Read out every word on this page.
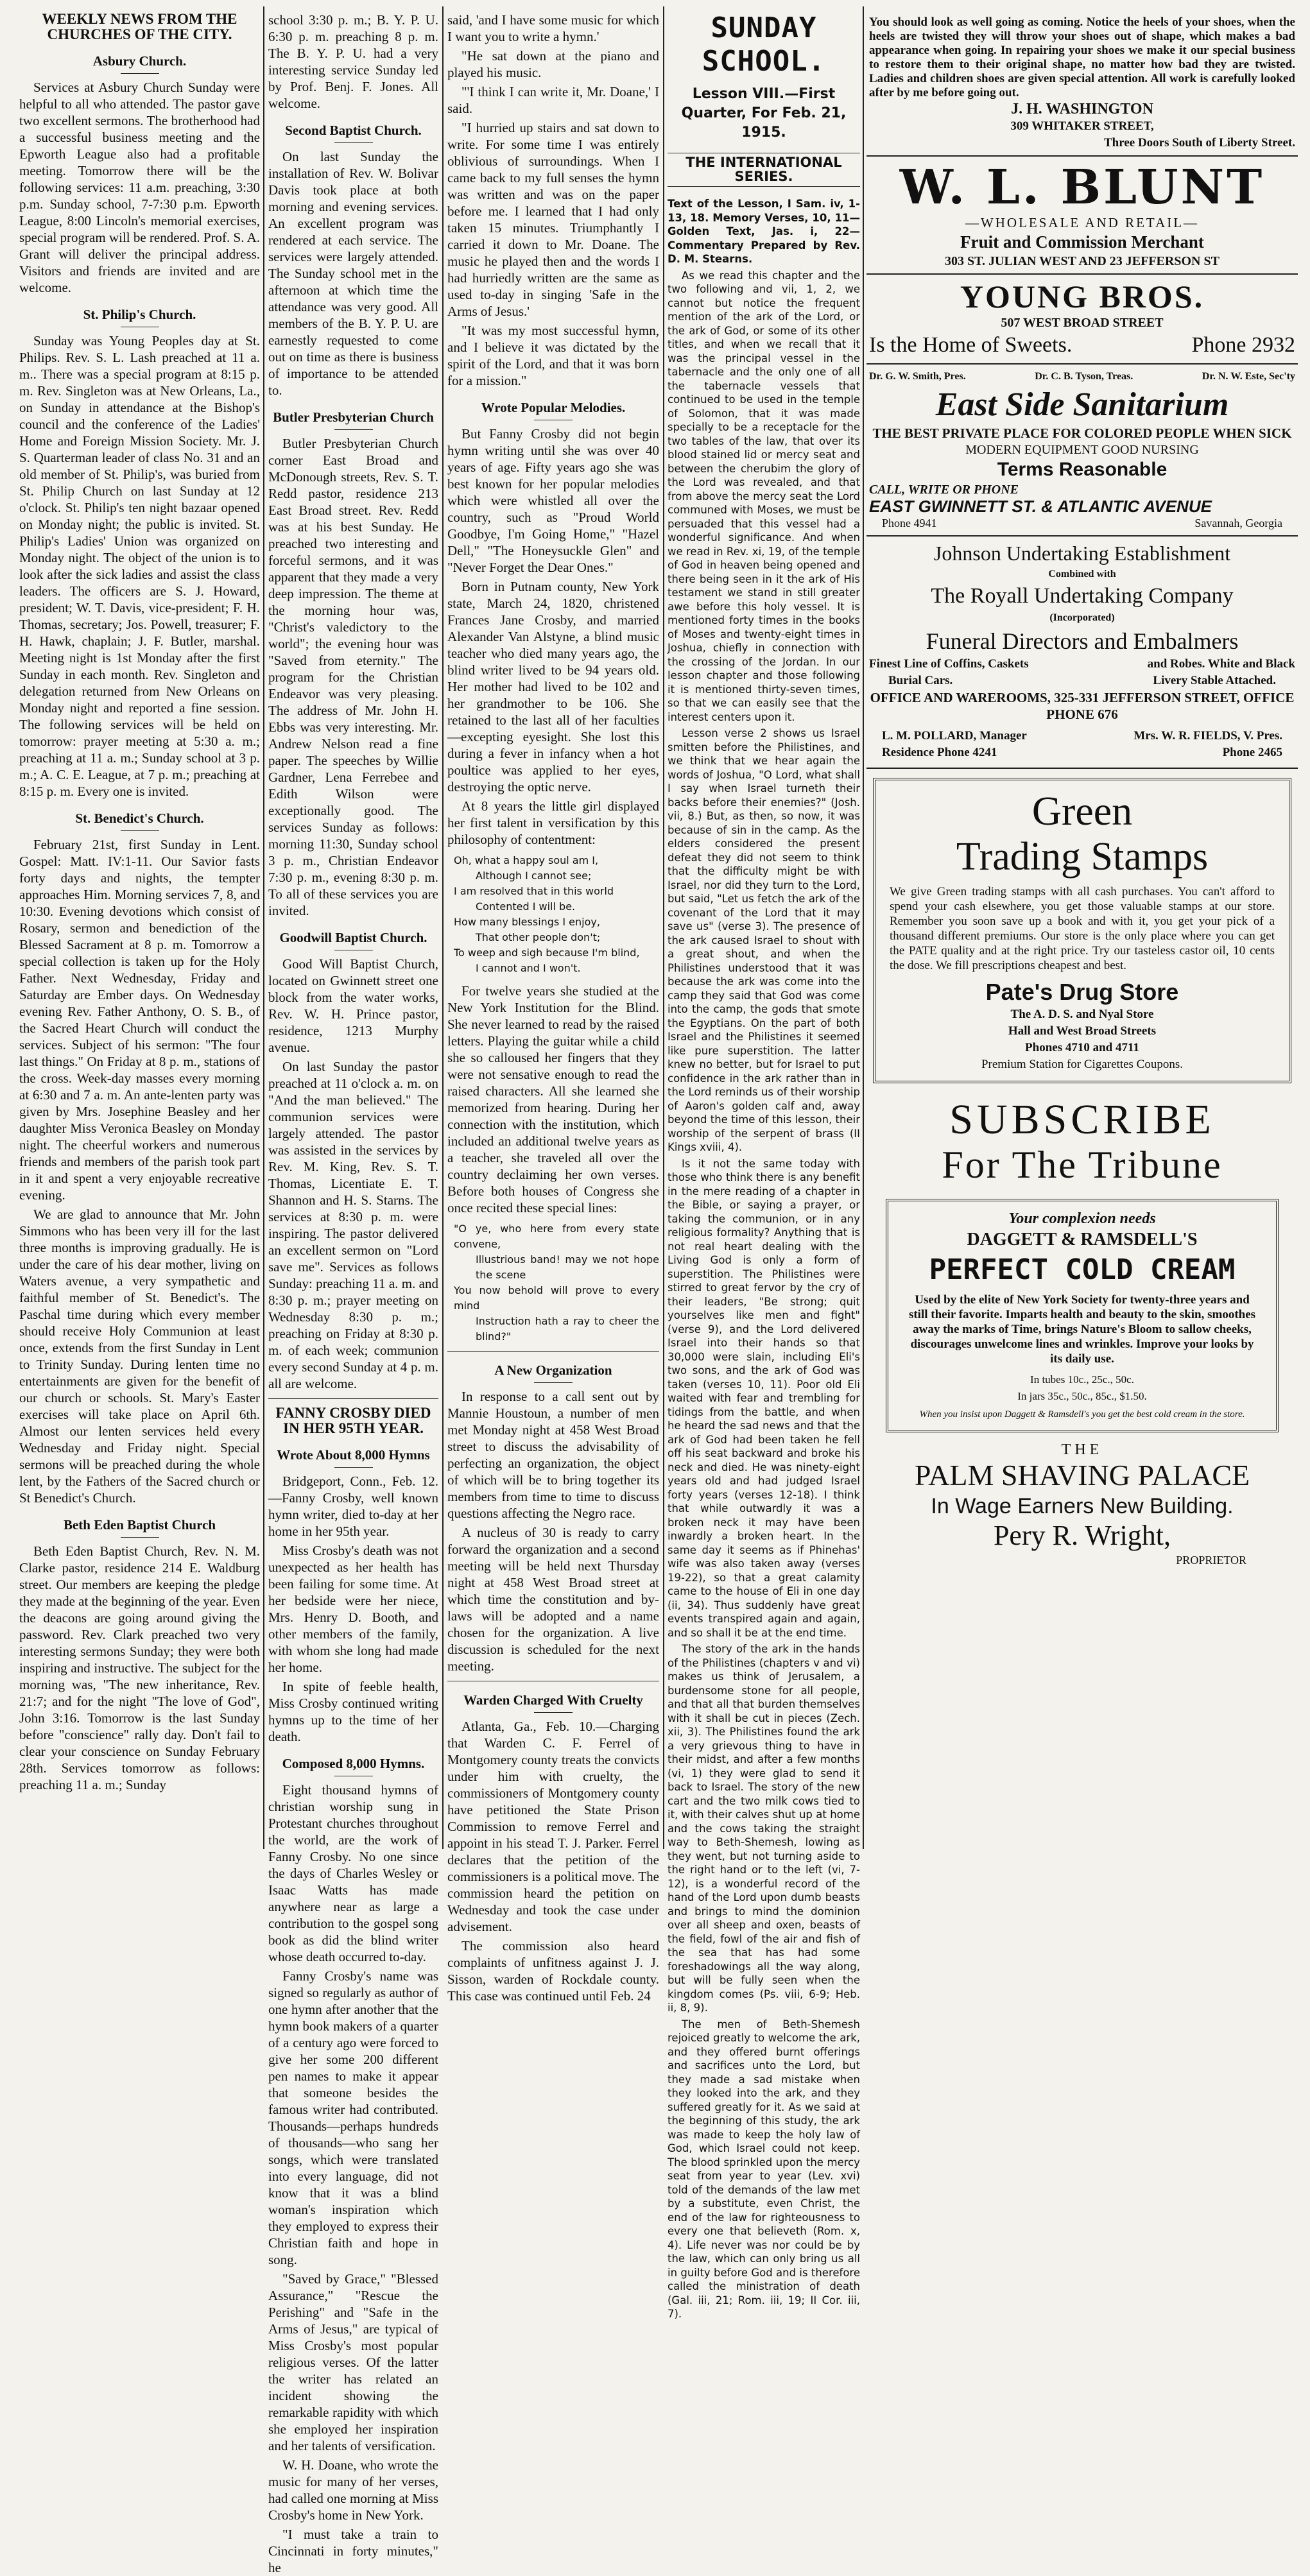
WEEKLY NEWS FROM THE CHURCHES OF THE CITY.
Asbury Church.

Services at Asbury Church Sunday were helpful to all who attended. The pastor gave two excellent sermons. The brotherhood had a successful business meeting and the Epworth League also had a profitable meeting. Tomorrow there will be the following services: 11 a.m. preaching, 3:30 p.m. Sunday school, 7-7:30 p.m. Epworth League, 8:00 Lincoln's memorial exercises, special program will be rendered. Prof. S. A. Grant will deliver the principal address. Visitors and friends are invited and are welcome.

St. Philip's Church.

Sunday was Young Peoples day at St. Philips. Rev. S. L. Lash preached at 11 a. m.. There was a special program at 8:15 p. m. Rev. Singleton was at New Orleans, La., on Sunday in attendance at the Bishop's council and the conference of the Ladies' Home and Foreign Mission Society. Mr. J. S. Quarterman leader of class No. 31 and an old member of St. Philip's, was buried from St. Philip Church on last Sunday at 12 o'clock. St. Philip's ten night bazaar opened on Monday night; the public is invited. St. Philip's Ladies' Union was organized on Monday night. The object of the union is to look after the sick ladies and assist the class leaders. The officers are S. J. Howard, president; W. T. Davis, vice-president; F. H. Thomas, secretary; Jos. Powell, treasurer; F. H. Hawk, chaplain; J. F. Butler, marshal. Meeting night is 1st Monday after the first Sunday in each month. Rev. Singleton and delegation returned from New Orleans on Monday night and reported a fine session. The following services will be held on tomorrow: prayer meeting at 5:30 a. m.; preaching at 11 a. m.; Sunday school at 3 p. m.; A. C. E. League, at 7 p. m.; preaching at 8:15 p. m. Every one is invited.

St. Benedict's Church.

February 21st, first Sunday in Lent. Gospel: Matt. IV:1-11. Our Savior fasts forty days and nights, the tempter approaches Him. Morning services 7, 8, and 10:30. Evening devotions which consist of Rosary, sermon and benediction of the Blessed Sacrament at 8 p. m. Tomorrow a special collection is taken up for the Holy Father. Next Wednesday, Friday and Saturday are Ember days. On Wednesday evening Rev. Father Anthony, O. S. B., of the Sacred Heart Church will conduct the services. Subject of his sermon: "The four last things." On Friday at 8 p. m., stations of the cross. Week-day masses every morning at 6:30 and 7 a. m. An ante-lenten party was given by Mrs. Josephine Beasley and her daughter Miss Veronica Beasley on Monday night. The cheerful workers and numerous friends and members of the parish took part in it and spent a very enjoyable recreative evening.

We are glad to announce that Mr. John Simmons who has been very ill for the last three months is improving gradually. He is under the care of his dear mother, living on Waters avenue, a very sympathetic and faithful member of St. Benedict's. The Paschal time during which every member should receive Holy Communion at least once, extends from the first Sunday in Lent to Trinity Sunday. During lenten time no entertainments are given for the benefit of our church or schools. St. Mary's Easter exercises will take place on April 6th. Almost our lenten services held every Wednesday and Friday night. Special sermons will be preached during the whole lent, by the Fathers of the Sacred church or St Benedict's Church.

Beth Eden Baptist Church

Beth Eden Baptist Church, Rev. N. M. Clarke pastor, residence 214 E. Waldburg street. Our members are keeping the pledge they made at the beginning of the year. Even the deacons are going around giving the password. Rev. Clark preached two very interesting sermons Sunday; they were both inspiring and instructive. The subject for the morning was, "The new inheritance, Rev. 21:7; and for the night "The love of God", John 3:16. Tomorrow is the last Sunday before "conscience" rally day. Don't fail to clear your conscience on Sunday February 28th. Services tomorrow as follows: preaching 11 a. m.; Sunday

school 3:30 p. m.; B. Y. P. U. 6:30 p. m. preaching 8 p. m. The B. Y. P. U. had a very interesting service Sunday led by Prof. Benj. F. Jones. All welcome.

Second Baptist Church.

On last Sunday the installation of Rev. W. Bolivar Davis took place at both morning and evening services. An excellent program was rendered at each service. The services were largely attended. The Sunday school met in the afternoon at which time the attendance was very good. All members of the B. Y. P. U. are earnestly requested to come out on time as there is business of importance to be attended to.

Butler Presbyterian Church

Butler Presbyterian Church corner East Broad and McDonough streets, Rev. S. T. Redd pastor, residence 213 East Broad street. Rev. Redd was at his best Sunday. He preached two interesting and forceful sermons, and it was apparent that they made a very deep impression. The theme at the morning hour was, "Christ's valedictory to the world"; the evening hour was "Saved from eternity." The program for the Christian Endeavor was very pleasing. The address of Mr. John H. Ebbs was very interesting. Mr. Andrew Nelson read a fine paper. The speeches by Willie Gardner, Lena Ferrebee and Edith Wilson were exceptionally good. The services Sunday as follows: morning 11:30, Sunday school 3 p. m., Christian Endeavor 7:30 p. m., evening 8:30 p. m. To all of these services you are invited.

Goodwill Baptist Church.

Good Will Baptist Church, located on Gwinnett street one block from the water works, Rev. W. H. Prince pastor, residence, 1213 Murphy avenue.

On last Sunday the pastor preached at 11 o'clock a. m. on "And the man believed." The communion services were largely attended. The pastor was assisted in the services by Rev. M. King, Rev. S. T. Thomas, Licentiate E. T. Shannon and H. S. Starns. The services at 8:30 p. m. were inspiring. The pastor delivered an excellent sermon on "Lord save me". Services as follows Sunday: preaching 11 a. m. and 8:30 p. m.; prayer meeting on Wednesday 8:30 p. m.; preaching on Friday at 8:30 p. m. of each week; communion every second Sunday at 4 p. m. all are welcome.

FANNY CROSBY DIED IN HER 95TH YEAR.
Wrote About 8,000 Hymns

Bridgeport, Conn., Feb. 12.—Fanny Crosby, well known hymn writer, died to-day at her home in her 95th year.

Miss Crosby's death was not unexpected as her health has been failing for some time. At her bedside were her niece, Mrs. Henry D. Booth, and other members of the family, with whom she long had made her home.

In spite of feeble health, Miss Crosby continued writing hymns up to the time of her death.

Composed 8,000 Hymns.

Eight thousand hymns of christian worship sung in Protestant churches throughout the world, are the work of Fanny Crosby. No one since the days of Charles Wesley or Isaac Watts has made anywhere near as large a contribution to the gospel song book as did the blind writer whose death occurred to-day.

Fanny Crosby's name was signed so regularly as author of one hymn after another that the hymn book makers of a quarter of a century ago were forced to give her some 200 different pen names to make it appear that someone besides the famous writer had contributed. Thousands—perhaps hundreds of thousands—who sang her songs, which were translated into every language, did not know that it was a blind woman's inspiration which they employed to express their Christian faith and hope in song.

"Saved by Grace," "Blessed Assurance," "Rescue the Perishing" and "Safe in the Arms of Jesus," are typical of Miss Crosby's most popular religious verses. Of the latter the writer has related an incident showing the remarkable rapidity with which she employed her inspiration and her talents of versification.

W. H. Doane, who wrote the music for many of her verses, had called one morning at Miss Crosby's home in New York.

"I must take a train to Cincinnati in forty minutes," he

said, 'and I have some music for which I want you to write a hymn.'

"He sat down at the piano and played his music.

"'I think I can write it, Mr. Doane,' I said.

"I hurried up stairs and sat down to write. For some time I was entirely oblivious of surroundings. When I came back to my full senses the hymn was written and was on the paper before me. I learned that I had only taken 15 minutes. Triumphantly I carried it down to Mr. Doane. The music he played then and the words I had hurriedly written are the same as used to-day in singing 'Safe in the Arms of Jesus.'

"It was my most successful hymn, and I believe it was dictated by the spirit of the Lord, and that it was born for a mission."

Wrote Popular Melodies.

But Fanny Crosby did not begin hymn writing until she was over 40 years of age. Fifty years ago she was best known for her popular melodies which were whistled all over the country, such as "Proud World Goodbye, I'm Going Home," "Hazel Dell," "The Honeysuckle Glen" and "Never Forget the Dear Ones."

Born in Putnam county, New York state, March 24, 1820, christened Frances Jane Crosby, and married Alexander Van Alstyne, a blind music teacher who died many years ago, the blind writer lived to be 94 years old. Her mother had lived to be 102 and her grandmother to be 106. She retained to the last all of her faculties—excepting eyesight. She lost this during a fever in infancy when a hot poultice was applied to her eyes, destroying the optic nerve.

At 8 years the little girl displayed her first talent in versification by this philosophy of contentment:

Oh, what a happy soul am I,
Although I cannot see;
I am resolved that in this world
Contented I will be.
How many blessings I enjoy,
That other people don't;
To weep and sigh because I'm blind,
I cannot and I won't.

For twelve years she studied at the New York Institution for the Blind. She never learned to read by the raised letters. Playing the guitar while a child she so calloused her fingers that they were not sensative enough to read the raised characters. All she learned she memorized from hearing. During her connection with the institution, which included an additional twelve years as a teacher, she traveled all over the country declaiming her own verses. Before both houses of Congress she once recited these special lines:

"O ye, who here from every state convene,
Illustrious band! may we not hope the scene
You now behold will prove to every mind
Instruction hath a ray to cheer the blind?"
A New Organization

In response to a call sent out by Mannie Houstoun, a number of men met Monday night at 458 West Broad street to discuss the advisability of perfecting an organization, the object of which will be to bring together its members from time to time to discuss questions affecting the Negro race.

A nucleus of 30 is ready to carry forward the organization and a second meeting will be held next Thursday night at 458 West Broad street at which time the constitution and by-laws will be adopted and a name chosen for the organization. A live discussion is scheduled for the next meeting.

Warden Charged With Cruelty

Atlanta, Ga., Feb. 10.—Charging that Warden C. F. Ferrel of Montgomery county treats the convicts under him with cruelty, the commissioners of Montgomery county have petitioned the State Prison Commission to remove Ferrel and appoint in his stead T. J. Parker. Ferrel declares that the petition of the commissioners is a political move. The commission heard the petition on Wednesday and took the case under advisement.

The commission also heard complaints of unfitness against J. J. Sisson, warden of Rockdale county. This case was continued until Feb. 24

SUNDAY SCHOOL.
Lesson VIII.—First Quarter, For Feb. 21, 1915.
THE INTERNATIONAL SERIES.

Text of the Lesson, I Sam. iv, 1-13, 18. Memory Verses, 10, 11—Golden Text, Jas. i, 22—Commentary Prepared by Rev. D. M. Stearns.

As we read this chapter and the two following and vii, 1, 2, we cannot but notice the frequent mention of the ark of the Lord, or the ark of God, or some of its other titles, and when we recall that it was the principal vessel in the tabernacle and the only one of all the tabernacle vessels that continued to be used in the temple of Solomon, that it was made specially to be a receptacle for the two tables of the law, that over its blood stained lid or mercy seat and between the cherubim the glory of the Lord was revealed, and that from above the mercy seat the Lord communed with Moses, we must be persuaded that this vessel had a wonderful significance. And when we read in Rev. xi, 19, of the temple of God in heaven being opened and there being seen in it the ark of His testament we stand in still greater awe before this holy vessel. It is mentioned forty times in the books of Moses and twenty-eight times in Joshua, chiefly in connection with the crossing of the Jordan. In our lesson chapter and those following it is mentioned thirty-seven times, so that we can easily see that the interest centers upon it.

Lesson verse 2 shows us Israel smitten before the Philistines, and we think that we hear again the words of Joshua, "O Lord, what shall I say when Israel turneth their backs before their enemies?" (Josh. vii, 8.) But, as then, so now, it was because of sin in the camp. As the elders considered the present defeat they did not seem to think that the difficulty might be with Israel, nor did they turn to the Lord, but said, "Let us fetch the ark of the covenant of the Lord that it may save us" (verse 3). The presence of the ark caused Israel to shout with a great shout, and when the Philistines understood that it was because the ark was come into the camp they said that God was come into the camp, the gods that smote the Egyptians. On the part of both Israel and the Philistines it seemed like pure superstition. The latter knew no better, but for Israel to put confidence in the ark rather than in the Lord reminds us of their worship of Aaron's golden calf and, away beyond the time of this lesson, their worship of the serpent of brass (II Kings xviii, 4).

Is it not the same today with those who think there is any benefit in the mere reading of a chapter in the Bible, or saying a prayer, or taking the communion, or in any religious formality? Anything that is not real heart dealing with the Living God is only a form of superstition. The Philistines were stirred to great fervor by the cry of their leaders, "Be strong; quit yourselves like men and fight" (verse 9), and the Lord delivered Israel into their hands so that 30,000 were slain, including Eli's two sons, and the ark of God was taken (verses 10, 11). Poor old Eli waited with fear and trembling for tidings from the battle, and when he heard the sad news and that the ark of God had been taken he fell off his seat backward and broke his neck and died. He was ninety-eight years old and had judged Israel forty years (verses 12-18). I think that while outwardly it was a broken neck it may have been inwardly a broken heart. In the same day it seems as if Phinehas' wife was also taken away (verses 19-22), so that a great calamity came to the house of Eli in one day (ii, 34). Thus suddenly have great events transpired again and again, and so shall it be at the end time.

The story of the ark in the hands of the Philistines (chapters v and vi) makes us think of Jerusalem, a burdensome stone for all people, and that all that burden themselves with it shall be cut in pieces (Zech. xii, 3). The Philistines found the ark a very grievous thing to have in their midst, and after a few months (vi, 1) they were glad to send it back to Israel. The story of the new cart and the two milk cows tied to it, with their calves shut up at home and the cows taking the straight way to Beth-Shemesh, lowing as they went, but not turning aside to the right hand or to the left (vi, 7-12), is a wonderful record of the hand of the Lord upon dumb beasts and brings to mind the dominion over all sheep and oxen, beasts of the field, fowl of the air and fish of the sea that has had some foreshadowings all the way along, but will be fully seen when the kingdom comes (Ps. viii, 6-9; Heb. ii, 8, 9).

The men of Beth-Shemesh rejoiced greatly to welcome the ark, and they offered burnt offerings and sacrifices unto the Lord, but they made a sad mistake when they looked into the ark, and they suffered greatly for it. As we said at the beginning of this study, the ark was made to keep the holy law of God, which Israel could not keep. The blood sprinkled upon the mercy seat from year to year (Lev. xvi) told of the demands of the law met by a substitute, even Christ, the end of the law for righteousness to every one that believeth (Rom. x, 4). Life never was nor could be by the law, which can only bring us all in guilty before God and is therefore called the ministration of death (Gal. iii, 21; Rom. iii, 19; II Cor. iii, 7).

You should look as well going as coming. Notice the heels of your shoes, when the heels are twisted they will throw your shoes out of shape, which makes a bad appearance when going. In repairing your shoes we make it our special business to restore them to their original shape, no matter how bad they are twisted. Ladies and children shoes are given special attention. All work is carefully looked after by me before going out.
J. H. WASHINGTON
309 WHITAKER STREET,
Three Doors South of Liberty Street.
W. L. BLUNT
—WHOLESALE AND RETAIL—
Fruit and Commission Merchant
303 ST. JULIAN WEST AND 23 JEFFERSON ST
YOUNG BROS.
507 WEST BROAD STREET
Is the Home of Sweets.	Phone 2932
Dr. G. W. Smith, Pres.	Dr. C. B. Tyson, Treas.	Dr. N. W. Este, Sec'ty
East Side Sanitarium
THE BEST PRIVATE PLACE FOR COLORED PEOPLE WHEN SICK
MODERN EQUIPMENT GOOD NURSING
Terms Reasonable
CALL, WRITE OR PHONE
EAST GWINNETT ST. & ATLANTIC AVENUE
Phone 4941	Savannah, Georgia
Johnson Undertaking Establishment
Combined with
The Royall Undertaking Company
(Incorporated)
Funeral Directors and Embalmers
Finest Line of Coffins, Caskets	and Robes. White and Black
Burial Cars.	Livery Stable Attached.
OFFICE AND WAREROOMS, 325-331 JEFFERSON STREET, OFFICE PHONE 676
L. M. POLLARD, Manager	Mrs. W. R. FIELDS, V. Pres.
Residence Phone 4241	Phone 2465
Green
Trading Stamps
We give Green trading stamps with all cash purchases. You can't afford to spend your cash elsewhere, you get those valuable stamps at our store. Remember you soon save up a book and with it, you get your pick of a thousand different premiums. Our store is the only place where you can get the PATE quality and at the right price. Try our tasteless castor oil, 10 cents the dose. We fill prescriptions cheapest and best.
Pate's Drug Store
The A. D. S. and Nyal Store
Hall and West Broad Streets
Phones 4710 and 4711
Premium Station for Cigarettes Coupons.
SUBSCRIBE
For The Tribune
Your complexion needs
DAGGETT & RAMSDELL'S
PERFECT COLD CREAM
Used by the elite of New York Society for twenty-three years and still their favorite. Imparts health and beauty to the skin, smoothes away the marks of Time, brings Nature's Bloom to sallow cheeks, discourages unwelcome lines and wrinkles. Improve your looks by its daily use.
In tubes 10c., 25c., 50c.
In jars 35c., 50c., 85c., $1.50.
When you insist upon Daggett & Ramsdell's you get the best cold cream in the store.
THE
PALM SHAVING PALACE
In Wage Earners New Building.
Pery R. Wright,
PROPRIETOR
